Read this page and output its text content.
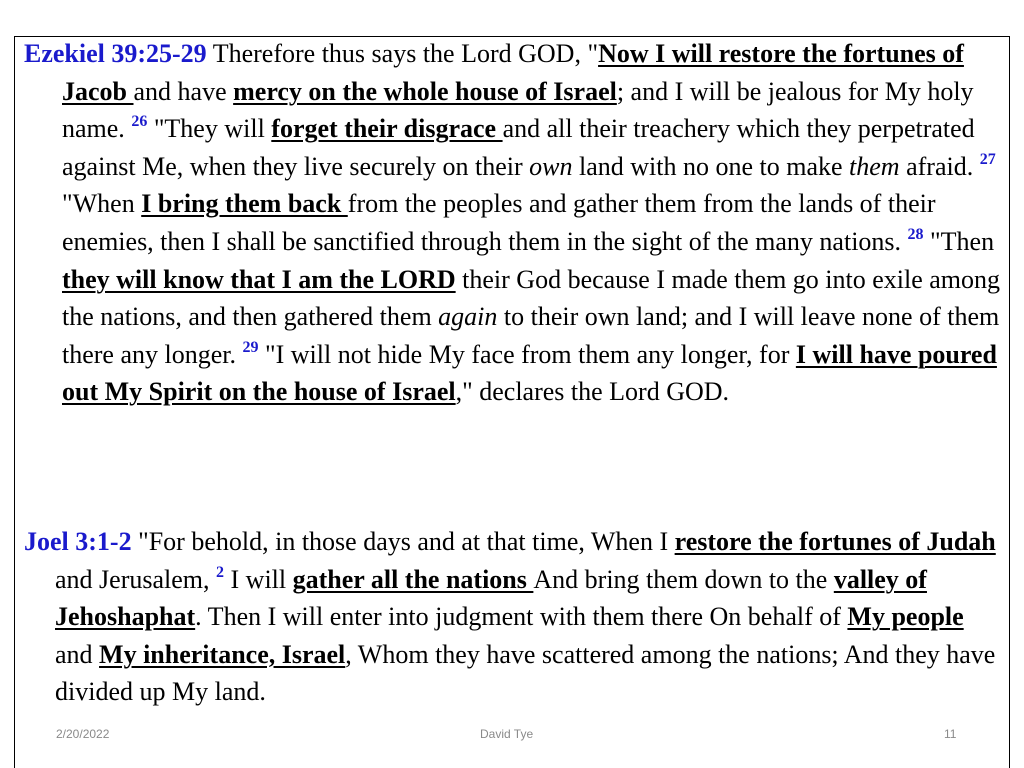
Ezekiel 39:25-29 Therefore thus says the Lord GOD, "Now I will restore the fortunes of Jacob and have mercy on the whole house of Israel; and I will be jealous for My holy name. $^{26}$ "They will forget their disgrace and all their treachery which they perpetrated against Me, when they live securely on their own land with no one to make them afraid. $^{27}$ "When I bring them back from the peoples and gather them from the lands of their enemies, then I shall be sanctified through them in the sight of the many nations. $^{28}$ "Then they will know that I am the LORD their God because I made them go into exile among the nations, and then gathered them again to their own land; and I will leave none of them there any longer. $^{29}$ "I will not hide My face from them any longer, for I will have poured out My Spirit on the house of Israel," declares the Lord GOD.

Joel 3:1-2 "For behold, in those days and at that time, When I restore the fortunes of Judah and Jerusalem, $^2$ I will gather all the nations And bring them down to the valley of Jehoshaphat. Then I will enter into judgment with them there On behalf of My people and My inheritance, Israel, Whom they have scattered among the nations; And they have divided up My land.

2/20/2022	David Tye	11
